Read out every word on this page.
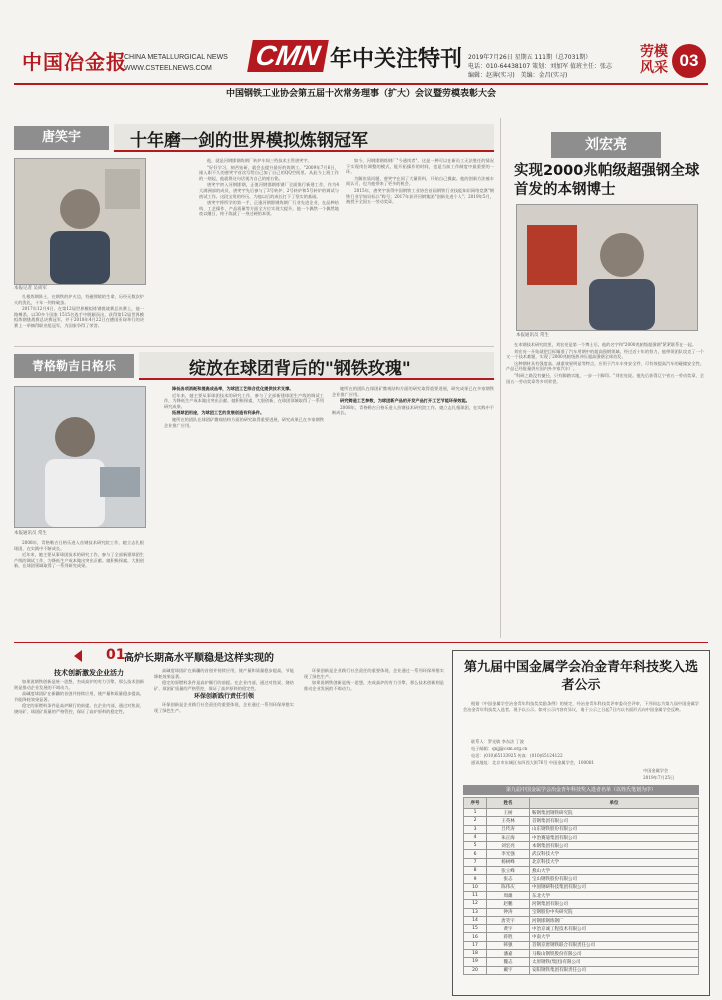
中国冶金报
CHINA METALLURGICAL NEWS
WWW.CSTEELNEWS.COM CMN 年中关注特刊 2019年7月26日 星期五 111期（总7031期）
电话：010-64438107 策划：刘加军 值班主任：张志
编辑：赵薄(实习)　美编：金昌(实习)
劳模风采 03
中国钢铁工业协会第五届十次常务理事（扩大）会议暨劳模表彰大会
唐笑宇	十年磨一剑的世界模拟炼钢冠军
本报记者 吴尚军

扎根炼钢阵士，在钢铁的炉火边，有磁那般的生命，历经无数次炉火的洗礼，十年一剑终破茧。

2017年12月4日，在第12届世界模拟炼钢挑战赛总决赛上，他一路搏杀，以30多个国家 1515名选手中脱颖而出，获得第12届世界模拟炼钢挑战赛总决赛冠军，并于2018年4月22日在德国亚琛举行的决赛上一举摘得职业组冠军，为国家争得了荣誉。

他，就是河钢邯钢炼钢厂转炉车间三档技术主管唐笑宇。

"好好学习，刻苦钻研，就会去提升最好的炼钢工。"2009年7月6日，刚入职不久的唐笑宇首次写给自己加了自己的QQ空间里。从此今上班工作的一刻起，他就将这句话视为自己的座右铭。

唐笑宇初入河钢邯钢，正值河钢邯钢炼钢厂全面推行新建工作，作为4大满洲部的成员，唐笑宇先后参与了3号转炉、2号转炉和5号转炉的调试与热试工作。这段宝贵的经历，为他以后的成长打下了坚实的基础。

唐笑宇将所学的第一手，正逢河钢邯钢炼钢厂行业先进企业，在品种结构、工艺操作、产品质量等方面全方位实现大提升。他一个偶然一个偶然地夜以继日，终于练就了一身过硬的本领。

如今，河钢邯钢炼钢厂"今通岗者"。这是一种可以在新员工无法胜任的情况下实现岗位调整的模式，能开拓操作的时间，也是当前工作制度中最重要的一环。

为解决质问题，唐笑宇在同了大量资料，开始自己摸索。他的创新方法被车间认可，也为他带来了更多的机会。

2015年，唐笑宇获得中国钢铁工业协会首届钢铁行业技能知识网络竞赛"钢铁行业学知识标兵"称号；2017年获评河钢集团"创新先进个人"；2019年5月，被授予全国五一劳动奖章。

刘宏亮
实现2000兆帕级超强钢全球首发的本钢博士
本报通讯员 常生

在本钢技术研究院里，刘宏亮是第一个博士后。他的名字和"2000兆帕级超强钢"紧紧联系在一起。

刘宏亮一开始就把目标瞄准了汽车用钢中的超高强钢领域。经过近十年的努力，他带领团队攻克了一个又一个技术难题，实现了2000兆帕级热冲压超高强钢全球首发。

这种钢材具有强度高、减重效果明显等特点，应用于汽车车身安全件，可有效提高汽车的碰撞安全性。产品已经批量供应国内外多家汽车厂。

"科研之路没有捷径，只有脚踏实地，一步一个脚印。"刘宏亮说。他先后获得辽宁省五一劳动奖章、全国五一劳动奖章等多项荣誉。

青格勒吉日格乐	绽放在球团背后的"钢铁玫瑰"
本报通讯员 常生

2008年，青格勒吉日格乐进入首钢技术研究院工作，她立志扎根球团，在实践中不断成长。

近年来，她主要从事球团技术的研究工作，参与了全部新建球团生产线的调试工作，为降低生产成本做出突出贡献。她积极探索，大胆创新，在球团领域取得了一系列研究成果。

降低各项消耗和提高成品率，为球团工艺综合优化提供技术支撑。

近年来，她主要从事球团技术的研究工作，参与了全部新建球团生产线的调试工作，为降低生产成本做出突出贡献。她积极探索，大胆创新，在球团领域取得了一系列研究成果。

拓展球团用途，为球团工艺的发展创造有利条件。

她所在的团队在球团矿微观结构方面的研究取得重要进展，研究成果已在多家钢铁企业推广应用。

她所在的团队在球团矿微观结构方面的研究取得重要进展，研究成果已在多家钢铁企业推广应用。

研究铸造工艺参数，为球团新产品的开发产品打开工艺节能环保效能。

2008年，青格勒吉日格乐进入首钢技术研究院工作，她立志扎根球团，在实践中不断成长。

01
高炉长期高水平顺稳是这样实现的
技术创新激发企业活力

如果说钢铁创新是统一思想，杰成高炉的有力引擎，那么技术创新则是推动企业发展的不竭动力。

高碱度球团矿在新疆的首创并持续应用，使产量和质量稳步提高，节能降耗效果显著。

稳定的原燃料条件是高炉顺行的前提。在企业内部，通过对焦炭、烧结矿、球团矿质量的严格管控，保证了高炉原料的稳定性。

高碱度球团矿在新疆的首创并持续应用，使产量和质量稳步提高，节能降耗效果显著。

稳定的原燃料条件是高炉顺行的前提。在企业内部，通过对焦炭、烧结矿、球团矿质量的严格管控，保证了高炉原料的稳定性。

环保创新践行责任引领

环保创新是企业践行社会责任的重要体现，企业通过一系列环保举措实现了绿色生产。

环保创新是企业践行社会责任的重要体现，企业通过一系列环保举措实现了绿色生产。

如果说钢铁创新是统一思想，杰成高炉的有力引擎，那么技术创新则是推动企业发展的不竭动力。

第九届中国金属学会冶金青年科技奖入选者公示
根据《中国金属学会冶金青年科技奖奖励条例》的规定，经冶金青年科技奖评审委员会评审，下列同志为第九届中国金属学会冶金青年科技奖入选者，现予以公示。如对公示内容有异议，请于公示之日起7日内以书面形式向中国金属学会反映。
联系人：罗光敏 李东法 丁波
电子邮箱：qnjj@csm.org.cn
电话：(010)65133925 传真：(010)65124122
通讯地址：北京市东城区东四西大街76号 中国金属学会，100081
中国金属学会
2019年7月25日
第九届中国金属学会冶金青年科技奖入选者名单（以姓氏笔划为序）
序号	姓名	单位
1	王树	鞍钢集团钢铁研究院
2	王英林	首钢集团有限公司
3	吕传涛	山东钢铁股份有限公司
4	朱正海	中冶赛迪集团有限公司
5	刘宏亮	本钢集团有限公司
6	李光强	武汉科技大学
7	杨树峰	北京科技大学
8	张立峰	燕山大学
9	张志	宝山钢铁股份有限公司
10	陈伟庆	中国钢研科技集团有限公司
11	周雄	东北大学
12	赵鹏	河钢集团有限公司
13	钟涛	宝钢股份中央研究院
14	唐笑宇	河钢邯钢炼钢厂
15	黄宇	中冶京诚工程技术有限公司
16	蒋胜	中南大学
17	韩强	首钢京唐钢铁联合有限责任公司
18	潘嘉	马鞍山钢铁股份有限公司
19	魏志	太原钢铁(集团)有限公司
20	戴宇	安阳钢铁集团有限责任公司
